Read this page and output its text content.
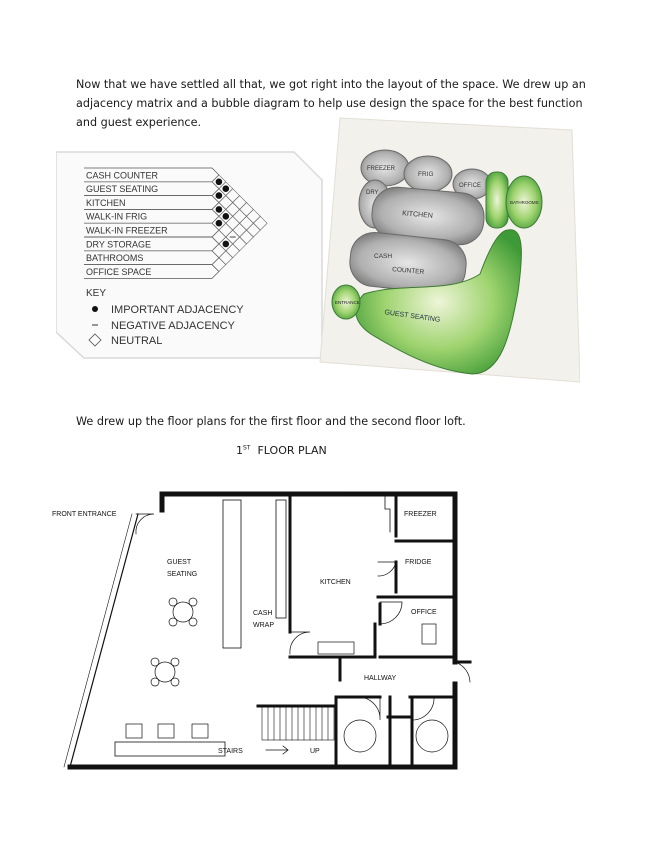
Now that we have settled all that, we got right into the layout of the space. We drew up an adjacency matrix and a bubble diagram to help use design the space for the best function and guest experience.
CASH COUNTER
GUEST SEATING
KITCHEN
WALK-IN FRIG
WALK-IN FREEZER
DRY STORAGE
BATHROOMS
OFFICE SPACE
KEY
IMPORTANT ADJACENCY
NEGATIVE ADJACENCY
NEUTRAL
FREEZER
FRIG
OFFICE
DRY
KITCHEN
CASH
COUNTER
GUEST SEATING
ENTRANCE
BATHROOMS
We drew up the floor plans for the first floor and the second floor loft.
1ST FLOOR PLAN
FRONT ENTRANCE
GUEST
SEATING
CASH
WRAP
KITCHEN
FREEZER
FRIDGE
OFFICE
HALLWAY
STAIRS	UP
